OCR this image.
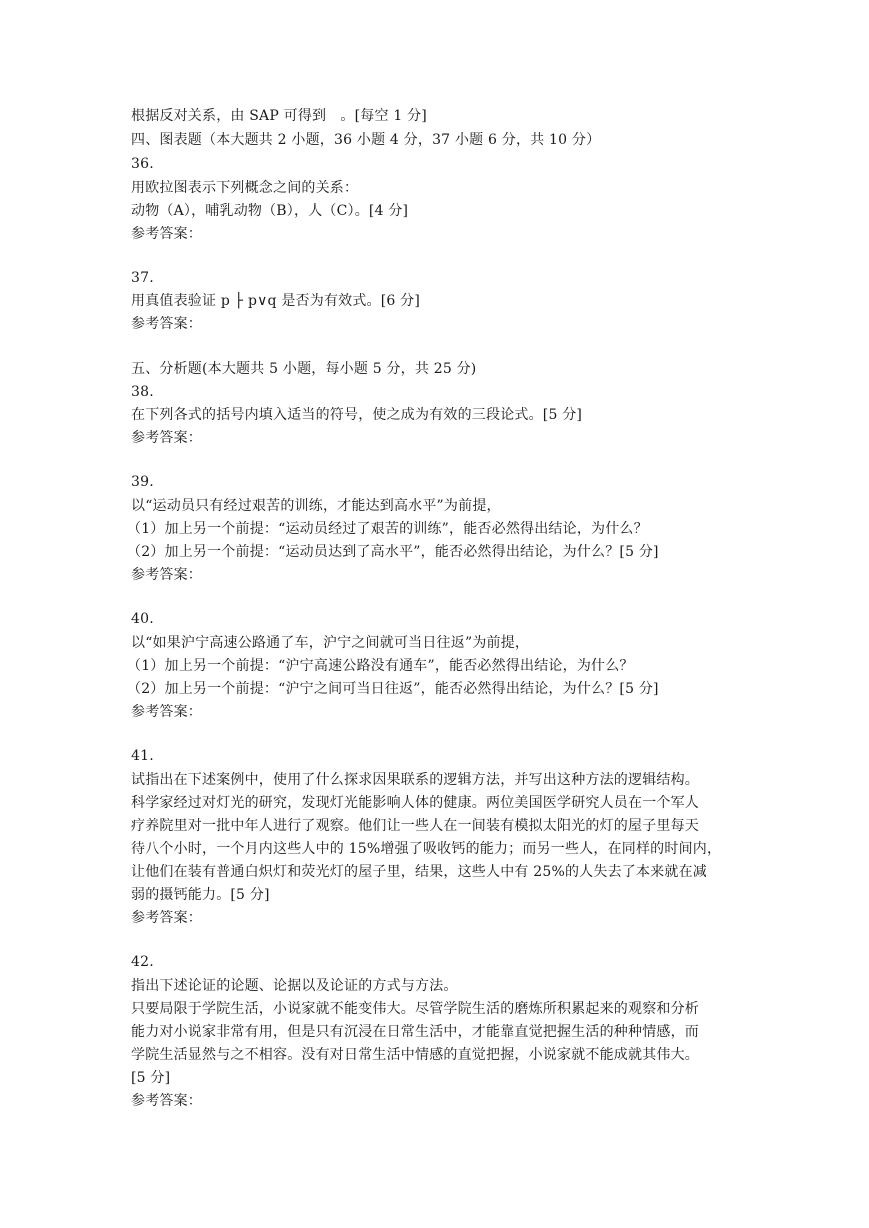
根据反对关系，由 SAP 可得到　。[每空 1 分]
四、图表题（本大题共 2 小题，36 小题 4 分，37 小题 6 分，共 10 分）
36.
用欧拉图表示下列概念之间的关系：
动物（A），哺乳动物（B），人（C）。[4 分]
参考答案：
37.
用真值表验证 p ├ p∨q 是否为有效式。[6 分]
参考答案：
五、分析题(本大题共 5 小题，每小题 5 分，共 25 分)
38.
在下列各式的括号内填入适当的符号，使之成为有效的三段论式。[5 分]
参考答案：
39.
以“运动员只有经过艰苦的训练，才能达到高水平”为前提，
（1）加上另一个前提：“运动员经过了艰苦的训练”，能否必然得出结论，为什么？
（2）加上另一个前提：“运动员达到了高水平”，能否必然得出结论，为什么？[5 分]
参考答案：
40.
以“如果沪宁高速公路通了车，沪宁之间就可当日往返”为前提，
（1）加上另一个前提：“沪宁高速公路没有通车”，能否必然得出结论，为什么？
（2）加上另一个前提：“沪宁之间可当日往返”，能否必然得出结论，为什么？[5 分]
参考答案：
41.
试指出在下述案例中，使用了什么探求因果联系的逻辑方法，并写出这种方法的逻辑结构。
科学家经过对灯光的研究，发现灯光能影响人体的健康。两位美国医学研究人员在一个军人
疗养院里对一批中年人进行了观察。他们让一些人在一间装有模拟太阳光的灯的屋子里每天
待八个小时，一个月内这些人中的 15%增强了吸收钙的能力；而另一些人，在同样的时间内，
让他们在装有普通白炽灯和荧光灯的屋子里，结果，这些人中有 25%的人失去了本来就在减
弱的摄钙能力。[5 分]
参考答案：
42.
指出下述论证的论题、论据以及论证的方式与方法。
只要局限于学院生活，小说家就不能变伟大。尽管学院生活的磨炼所积累起来的观察和分析
能力对小说家非常有用，但是只有沉浸在日常生活中，才能靠直觉把握生活的种种情感，而
学院生活显然与之不相容。没有对日常生活中情感的直觉把握，小说家就不能成就其伟大。
[5 分]
参考答案：
